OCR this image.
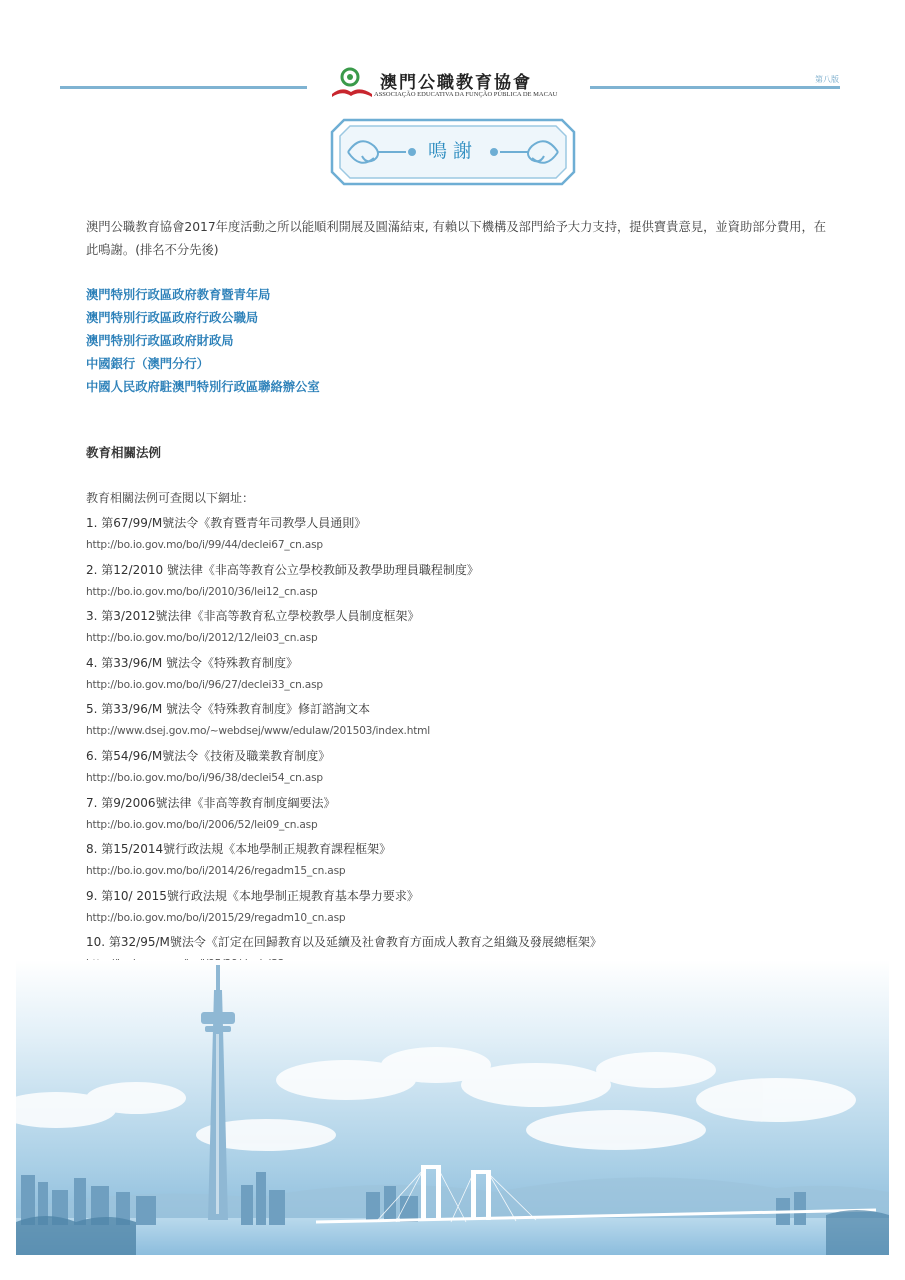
澳門公職教育協會
ASSOCIAÇÃO EDUCATIVA DA FUNÇÃO PÚBLICA DE MACAU
第八版
鳴謝
澳門公職教育協會2017年度活動之所以能順利開展及圓滿結束, 有賴以下機構及部門給予大力支持，提供寶貴意見，並資助部分費用，在此鳴謝。(排名不分先後)
澳門特別行政區政府教育暨青年局
澳門特別行政區政府行政公職局
澳門特別行政區政府財政局
中國銀行（澳門分行）
中國人民政府駐澳門特別行政區聯絡辦公室
教育相關法例
教育相關法例可查閱以下網址：
1. 第67/99/M號法令《教育暨青年司教學人員通則》
http://bo.io.gov.mo/bo/i/99/44/declei67_cn.asp
2. 第12/2010 號法律《非高等教育公立學校教師及教學助理員職程制度》
http://bo.io.gov.mo/bo/i/2010/36/lei12_cn.asp
3. 第3/2012號法律《非高等教育私立學校教學人員制度框架》
http://bo.io.gov.mo/bo/i/2012/12/lei03_cn.asp
4. 第33/96/M 號法令《特殊教育制度》
http://bo.io.gov.mo/bo/i/96/27/declei33_cn.asp
5. 第33/96/M 號法令《特殊教育制度》修訂諮詢文本
http://www.dsej.gov.mo/~webdsej/www/edulaw/201503/index.html
6. 第54/96/M號法令《技術及職業教育制度》
http://bo.io.gov.mo/bo/i/96/38/declei54_cn.asp
7. 第9/2006號法律《非高等教育制度綱要法》
http://bo.io.gov.mo/bo/i/2006/52/lei09_cn.asp
8. 第15/2014號行政法規《本地學制正規教育課程框架》
http://bo.io.gov.mo/bo/i/2014/26/regadm15_cn.asp
9. 第10/ 2015號行政法規《本地學制正規教育基本學力要求》
http://bo.io.gov.mo/bo/i/2015/29/regadm10_cn.asp
10. 第32/95/M號法令《訂定在回歸教育以及延續及社會教育方面成人教育之組織及發展總框架》
